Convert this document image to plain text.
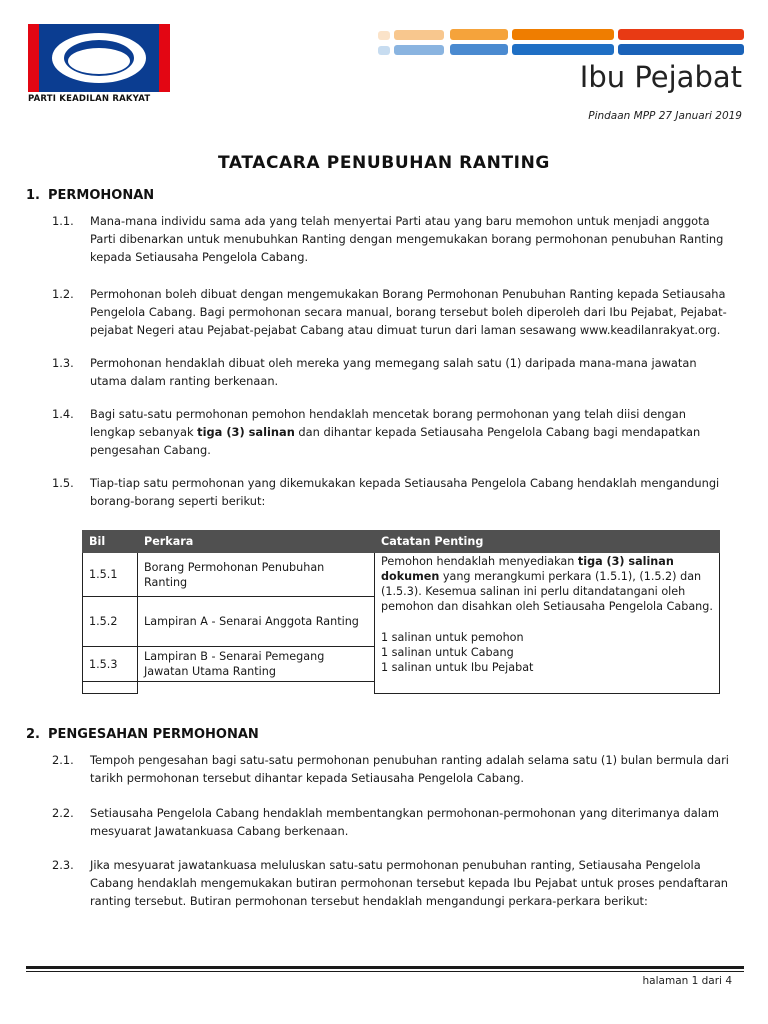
PARTI KEADILAN RAKYAT
Ibu Pejabat
Pindaan MPP 27 Januari 2019
TATACARA PENUBUHAN RANTING
1. PERMOHONAN
1.1. Mana-mana individu sama ada yang telah menyertai Parti atau yang baru memohon untuk menjadi anggota Parti dibenarkan untuk menubuhkan Ranting dengan mengemukakan borang permohonan penubuhan Ranting kepada Setiausaha Pengelola Cabang.
1.2. Permohonan boleh dibuat dengan mengemukakan Borang Permohonan Penubuhan Ranting kepada Setiausaha Pengelola Cabang. Bagi permohonan secara manual, borang tersebut boleh diperoleh dari Ibu Pejabat, Pejabat-pejabat Negeri atau Pejabat-pejabat Cabang atau dimuat turun dari laman sesawang www.keadilanrakyat.org.
1.3. Permohonan hendaklah dibuat oleh mereka yang memegang salah satu (1) daripada mana-mana jawatan utama dalam ranting berkenaan.
1.4. Bagi satu-satu permohonan pemohon hendaklah mencetak borang permohonan yang telah diisi dengan lengkap sebanyak tiga (3) salinan dan dihantar kepada Setiausaha Pengelola Cabang bagi mendapatkan pengesahan Cabang.
1.5. Tiap-tiap satu permohonan yang dikemukakan kepada Setiausaha Pengelola Cabang hendaklah mengandungi borang-borang seperti berikut:
Bil	Perkara	Catatan Penting
1.5.1	Borang Permohonan Penubuhan Ranting	Pemohon hendaklah menyediakan tiga (3) salinan dokumen yang merangkumi perkara (1.5.1), (1.5.2) dan (1.5.3). Kesemua salinan ini perlu ditandatangani oleh pemohon dan disahkan oleh Setiausaha Pengelola Cabang.
1 salinan untuk pemohon
1 salinan untuk Cabang
1 salinan untuk Ibu Pejabat

1.5.2	Lampiran A - Senarai Anggota Ranting	
1.5.3	Lampiran B - Senarai Pemegang Jawatan Utama Ranting	

2. PENGESAHAN PERMOHONAN
2.1. Tempoh pengesahan bagi satu-satu permohonan penubuhan ranting adalah selama satu (1) bulan bermula dari tarikh permohonan tersebut dihantar kepada Setiausaha Pengelola Cabang.
2.2. Setiausaha Pengelola Cabang hendaklah membentangkan permohonan-permohonan yang diterimanya dalam mesyuarat Jawatankuasa Cabang berkenaan.
2.3. Jika mesyuarat jawatankuasa meluluskan satu-satu permohonan penubuhan ranting, Setiausaha Pengelola Cabang hendaklah mengemukakan butiran permohonan tersebut kepada Ibu Pejabat untuk proses pendaftaran ranting tersebut. Butiran permohonan tersebut hendaklah mengandungi perkara-perkara berikut:
halaman 1 dari 4
